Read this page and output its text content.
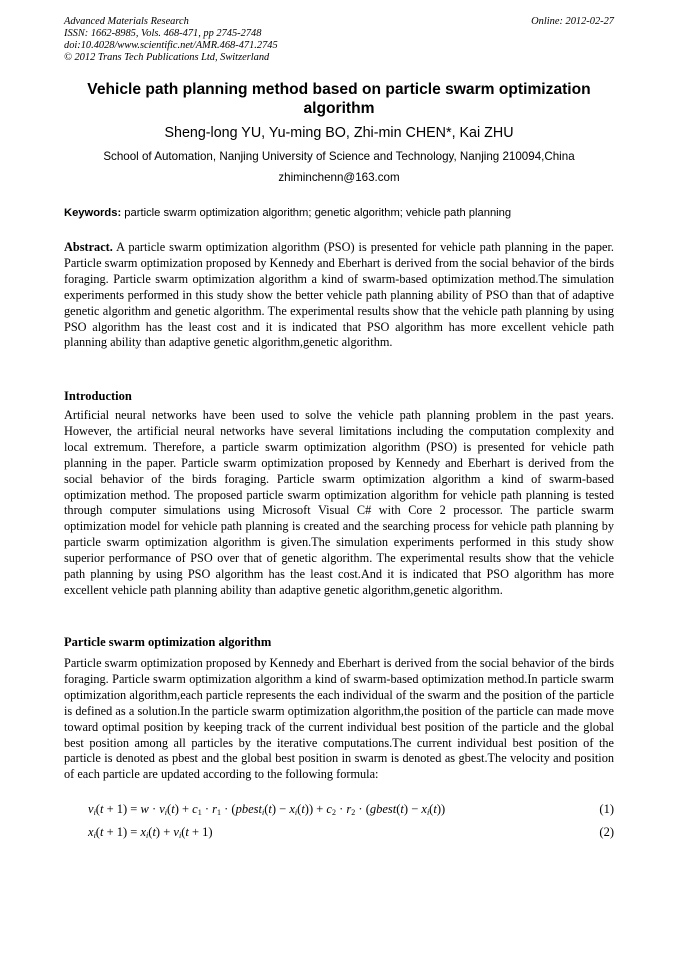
Advanced Materials Research
ISSN: 1662-8985, Vols. 468-471, pp 2745-2748
doi:10.4028/www.scientific.net/AMR.468-471.2745
© 2012 Trans Tech Publications Ltd, Switzerland
Online: 2012-02-27
Vehicle path planning method based on particle swarm optimization algorithm
Sheng-long YU, Yu-ming BO, Zhi-min CHEN*, Kai ZHU
School of Automation, Nanjing University of Science and Technology, Nanjing 210094,China
zhiminchenn@163.com
Keywords: particle swarm optimization algorithm; genetic algorithm; vehicle path planning
Abstract. A particle swarm optimization algorithm (PSO) is presented for vehicle path planning in the paper. Particle swarm optimization proposed by Kennedy and Eberhart is derived from the social behavior of the birds foraging. Particle swarm optimization algorithm a kind of swarm-based optimization method.The simulation experiments performed in this study show the better vehicle path planning ability of PSO than that of adaptive genetic algorithm and genetic algorithm. The experimental results show that the vehicle path planning by using PSO algorithm has the least cost and it is indicated that PSO algorithm has more excellent vehicle path planning ability than adaptive genetic algorithm,genetic algorithm.
Introduction
Artificial neural networks have been used to solve the vehicle path planning problem in the past years. However, the artificial neural networks have several limitations including the computation complexity and local extremum. Therefore, a particle swarm optimization algorithm (PSO) is presented for vehicle path planning in the paper. Particle swarm optimization proposed by Kennedy and Eberhart is derived from the social behavior of the birds foraging. Particle swarm optimization algorithm a kind of swarm-based optimization method. The proposed particle swarm optimization algorithm for vehicle path planning is tested through computer simulations using Microsoft Visual C# with Core 2 processor. The particle swarm optimization model for vehicle path planning is created and the searching process for vehicle path planning by particle swarm optimization algorithm is given.The simulation experiments performed in this study show superior performance of PSO over that of genetic algorithm. The experimental results show that the vehicle path planning by using PSO algorithm has the least cost.And it is indicated that PSO algorithm has more excellent vehicle path planning ability than adaptive genetic algorithm,genetic algorithm.
Particle swarm optimization algorithm
Particle swarm optimization proposed by Kennedy and Eberhart is derived from the social behavior of the birds foraging. Particle swarm optimization algorithm a kind of swarm-based optimization method.In particle swarm optimization algorithm,each particle represents the each individual of the swarm and the position of the particle is defined as a solution.In the particle swarm optimization algorithm,the position of the particle can made move toward optimal position by keeping track of the current individual best position of the particle and the global best position among all particles by the iterative computations.The current individual best position of the particle is denoted as pbest and the global best position in swarm is denoted as gbest.The velocity and position of each particle are updated according to the following formula:
$v_i(t + 1) = w \cdot v_i(t) + c_1 \cdot r_1$ · (pbest$_i$(t) − $x_i(t)) + c_2 \cdot r_2$ · (gbest(t) − $x_i(t)$)	(1)
$x_i(t + 1) = x_i(t) + v_i(t + 1)$	(2)
